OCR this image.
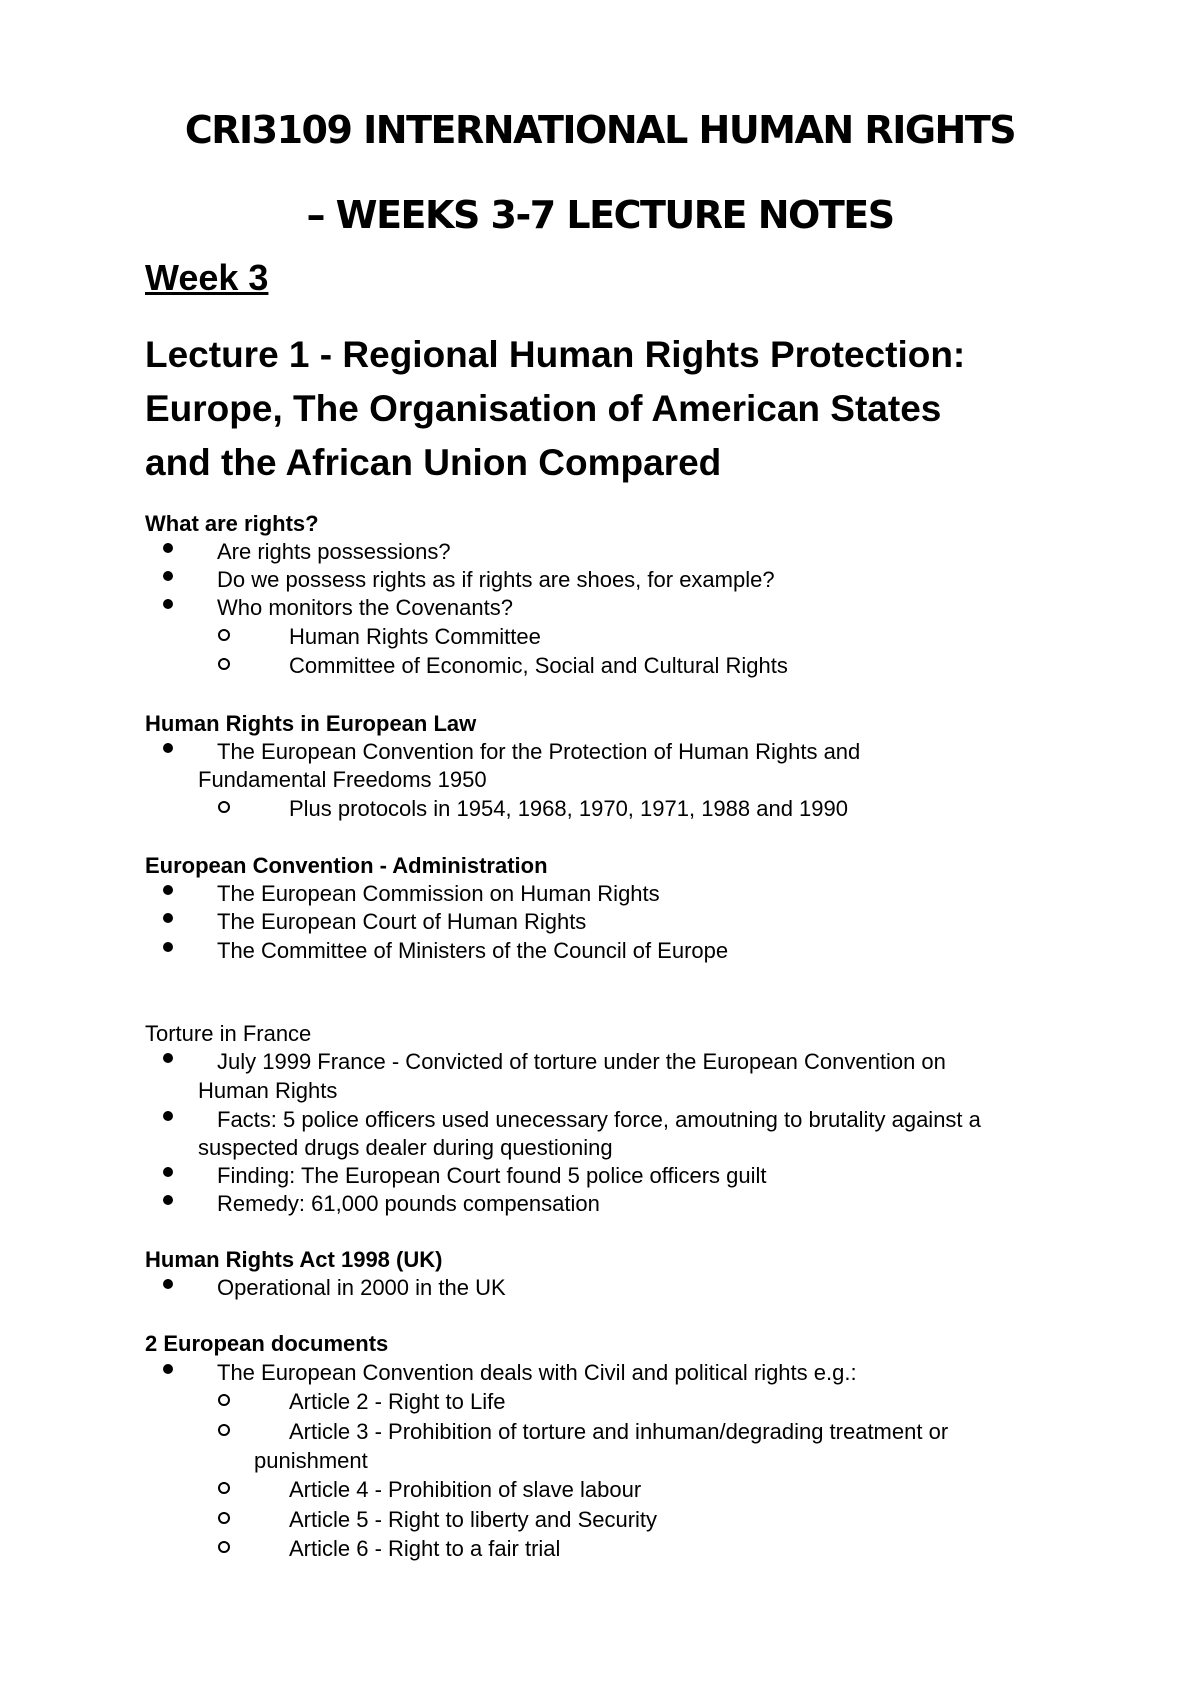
CRI3109 INTERNATIONAL HUMAN RIGHTS
– WEEKS 3-7 LECTURE NOTES
Week 3
Lecture 1 - Regional Human Rights Protection:
Europe, The Organisation of American States
and the African Union Compared
What are rights?
Are rights possessions?
Do we possess rights as if rights are shoes, for example?
Who monitors the Covenants?
Human Rights Committee
Committee of Economic, Social and Cultural Rights
Human Rights in European Law
The European Convention for the Protection of Human Rights and
Fundamental Freedoms 1950
Plus protocols in 1954, 1968, 1970, 1971, 1988 and 1990
European Convention - Administration
The European Commission on Human Rights
The European Court of Human Rights
The Committee of Ministers of the Council of Europe
Torture in France
July 1999 France - Convicted of torture under the European Convention on
Human Rights
Facts: 5 police officers used unecessary force, amoutning to brutality against a
suspected drugs dealer during questioning
Finding: The European Court found 5 police officers guilt
Remedy: 61,000 pounds compensation
Human Rights Act 1998 (UK)
Operational in 2000 in the UK
2 European documents
The European Convention deals with Civil and political rights e.g.:
Article 2 - Right to Life
Article 3 - Prohibition of torture and inhuman/degrading treatment or
punishment
Article 4 - Prohibition of slave labour
Article 5 - Right to liberty and Security
Article 6 - Right to a fair trial
